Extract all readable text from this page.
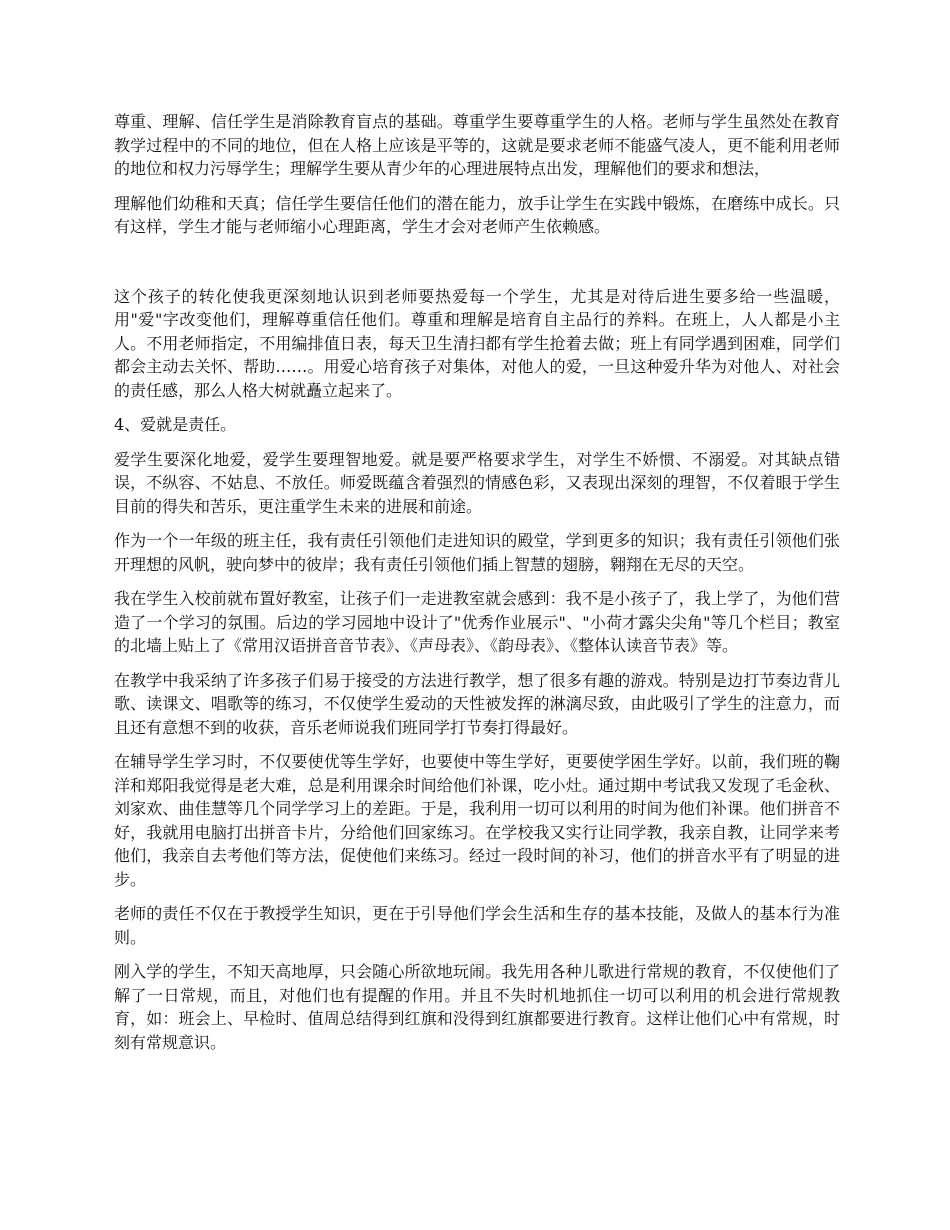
尊重、理解、信任学生是消除教育盲点的基础。尊重学生要尊重学生的人格。老师与学生虽然处在教育教学过程中的不同的地位，但在人格上应该是平等的，这就是要求老师不能盛气凌人，更不能利用老师的地位和权力污辱学生；理解学生要从青少年的心理进展特点出发，理解他们的要求和想法，

理解他们幼稚和天真；信任学生要信任他们的潜在能力，放手让学生在实践中锻炼，在磨练中成长。只有这样，学生才能与老师缩小心理距离，学生才会对老师产生依赖感。

这个孩子的转化使我更深刻地认识到老师要热爱每一个学生，尤其是对待后进生要多给一些温暖，用"爱"字改变他们，理解尊重信任他们。尊重和理解是培育自主品行的养料。在班上，人人都是小主人。不用老师指定，不用编排值日表，每天卫生清扫都有学生抢着去做；班上有同学遇到困难，同学们都会主动去关怀、帮助……。用爱心培育孩子对集体，对他人的爱，一旦这种爱升华为对他人、对社会的责任感，那么人格大树就矗立起来了。

4、爱就是责任。

爱学生要深化地爱，爱学生要理智地爱。就是要严格要求学生，对学生不娇惯、不溺爱。对其缺点错误，不纵容、不姑息、不放任。师爱既蕴含着强烈的情感色彩，又表现出深刻的理智，不仅着眼于学生目前的得失和苦乐，更注重学生未来的进展和前途。

作为一个一年级的班主任，我有责任引领他们走进知识的殿堂，学到更多的知识；我有责任引领他们张开理想的风帆，驶向梦中的彼岸；我有责任引领他们插上智慧的翅膀，翱翔在无尽的天空。

我在学生入校前就布置好教室，让孩子们一走进教室就会感到：我不是小孩子了，我上学了，为他们营造了一个学习的氛围。后边的学习园地中设计了"优秀作业展示"、"小荷才露尖尖角"等几个栏目；教室的北墙上贴上了《常用汉语拼音音节表》、《声母表》、《韵母表》、《整体认读音节表》等。

在教学中我采纳了许多孩子们易于接受的方法进行教学，想了很多有趣的游戏。特别是边打节奏边背儿歌、读课文、唱歌等的练习，不仅使学生爱动的天性被发挥的淋漓尽致，由此吸引了学生的注意力，而且还有意想不到的收获，音乐老师说我们班同学打节奏打得最好。

在辅导学生学习时，不仅要使优等生学好，也要使中等生学好，更要使学困生学好。以前，我们班的鞠洋和郑阳我觉得是老大难，总是利用课余时间给他们补课，吃小灶。通过期中考试我又发现了毛金秋、刘家欢、曲佳慧等几个同学学习上的差距。于是，我利用一切可以利用的时间为他们补课。他们拼音不好，我就用电脑打出拼音卡片，分给他们回家练习。在学校我又实行让同学教，我亲自教，让同学来考他们，我亲自去考他们等方法，促使他们来练习。经过一段时间的补习，他们的拼音水平有了明显的进步。

老师的责任不仅在于教授学生知识，更在于引导他们学会生活和生存的基本技能，及做人的基本行为准则。

刚入学的学生，不知天高地厚，只会随心所欲地玩闹。我先用各种儿歌进行常规的教育，不仅使他们了解了一日常规，而且，对他们也有提醒的作用。并且不失时机地抓住一切可以利用的机会进行常规教育，如：班会上、早检时、值周总结得到红旗和没得到红旗都要进行教育。这样让他们心中有常规，时刻有常规意识。
